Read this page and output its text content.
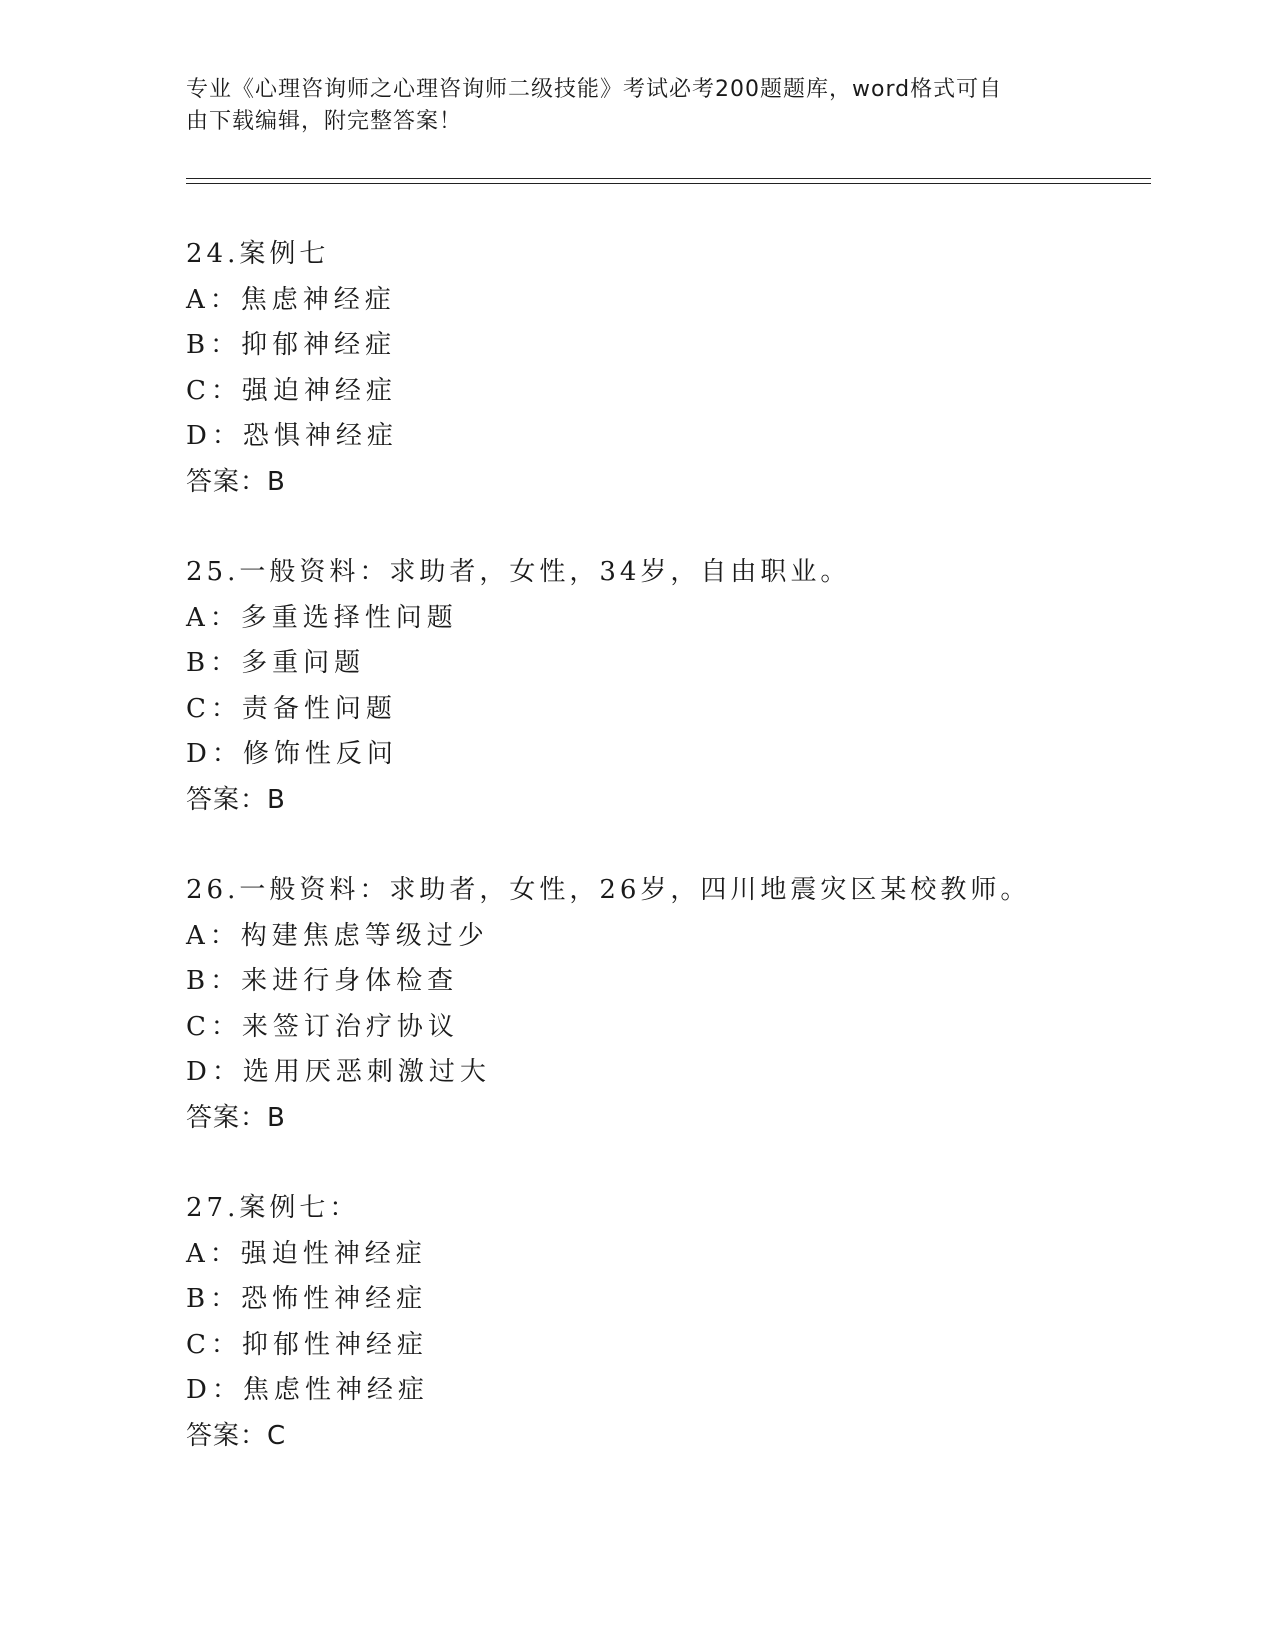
专业《心理咨询师之心理咨询师二级技能》考试必考200题题库，word格式可自
由下载编辑，附完整答案！
24.案例七
A：焦虑神经症
B：抑郁神经症
C：强迫神经症
D：恐惧神经症
答案：B
25.一般资料：求助者，女性，34岁，自由职业。
A：多重选择性问题
B：多重问题
C：责备性问题
D：修饰性反问
答案：B
26.一般资料：求助者，女性，26岁，四川地震灾区某校教师。
A：构建焦虑等级过少
B：来进行身体检查
C：来签订治疗协议
D：选用厌恶刺激过大
答案：B
27.案例七：
A：强迫性神经症
B：恐怖性神经症
C：抑郁性神经症
D：焦虑性神经症
答案：C
